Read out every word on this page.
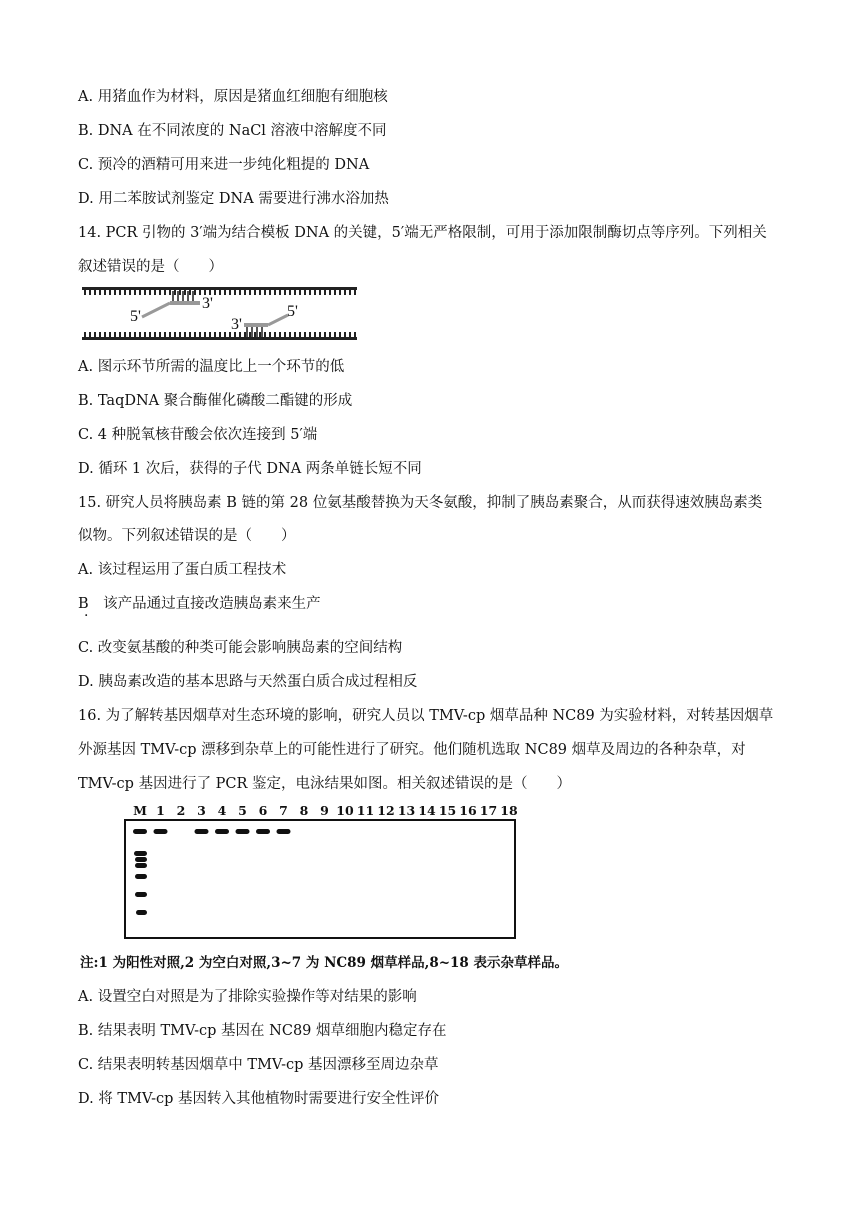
A. 用猪血作为材料，原因是猪血红细胞有细胞核
B. DNA 在不同浓度的 NaCl 溶液中溶解度不同
C. 预冷的酒精可用来进一步纯化粗提的 DNA
D. 用二苯胺试剂鉴定 DNA 需要进行沸水浴加热
14. PCR 引物的 3′端为结合模板 DNA 的关键，5′端无严格限制，可用于添加限制酶切点等序列。下列相关
叙述错误的是（　　）
5'
3'
3'
5'
A. 图示环节所需的温度比上一个环节的低
B. TaqDNA 聚合酶催化磷酸二酯键的形成
C. 4 种脱氧核苷酸会依次连接到 5′端
D. 循环 1 次后，获得的子代 DNA 两条单链长短不同
15. 研究人员将胰岛素 B 链的第 28 位氨基酸替换为天冬氨酸，抑制了胰岛素聚合，从而获得速效胰岛素类
似物。下列叙述错误的是（　　）
A. 该过程运用了蛋白质工程技术
B　该产品通过直接改造胰岛素来生产
·
C. 改变氨基酸的种类可能会影响胰岛素的空间结构
D. 胰岛素改造的基本思路与天然蛋白质合成过程相反
16. 为了解转基因烟草对生态环境的影响，研究人员以 TMV-cp 烟草品种 NC89 为实验材料，对转基因烟草
外源基因 TMV-cp 漂移到杂草上的可能性进行了研究。他们随机选取 NC89 烟草及周边的各种杂草，对
TMV-cp 基因进行了 PCR 鉴定，电泳结果如图。相关叙述错误的是（　　）
M 1 2 3 4 5 6 7 8 9 10 11 12 13 14 15 16 17 18
注:1 为阳性对照,2 为空白对照,3~7 为 NC89 烟草样品,8~18 表示杂草样品。
A. 设置空白对照是为了排除实验操作等对结果的影响
B. 结果表明 TMV-cp 基因在 NC89 烟草细胞内稳定存在
C. 结果表明转基因烟草中 TMV-cp 基因漂移至周边杂草
D. 将 TMV-cp 基因转入其他植物时需要进行安全性评价
